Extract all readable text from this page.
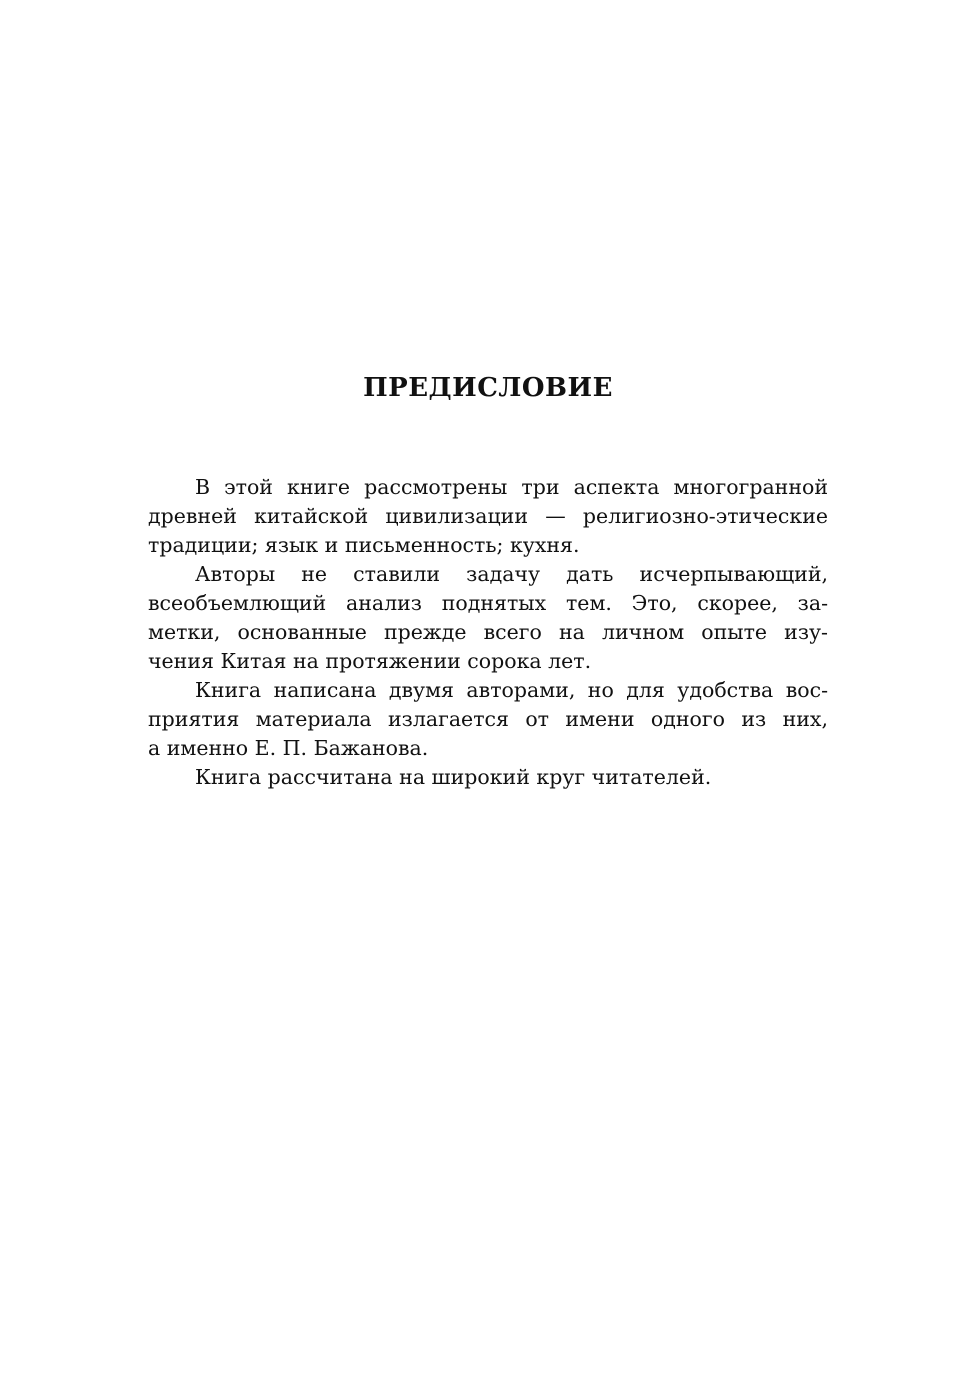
ПРЕДИСЛОВИЕ
В этой книге рассмотрены три аспекта многогранной
древней китайской цивилизации — религиозно-этические
традиции; язык и письменность; кухня.
Авторы не ставили задачу дать исчерпывающий,
всеобъемлющий анализ поднятых тем. Это, скорее, за-
метки, основанные прежде всего на личном опыте изу-
чения Китая на протяжении сорока лет.
Книга написана двумя авторами, но для удобства вос-
приятия материала излагается от имени одного из них,
а именно Е. П. Бажанова.
Книга рассчитана на широкий круг читателей.
